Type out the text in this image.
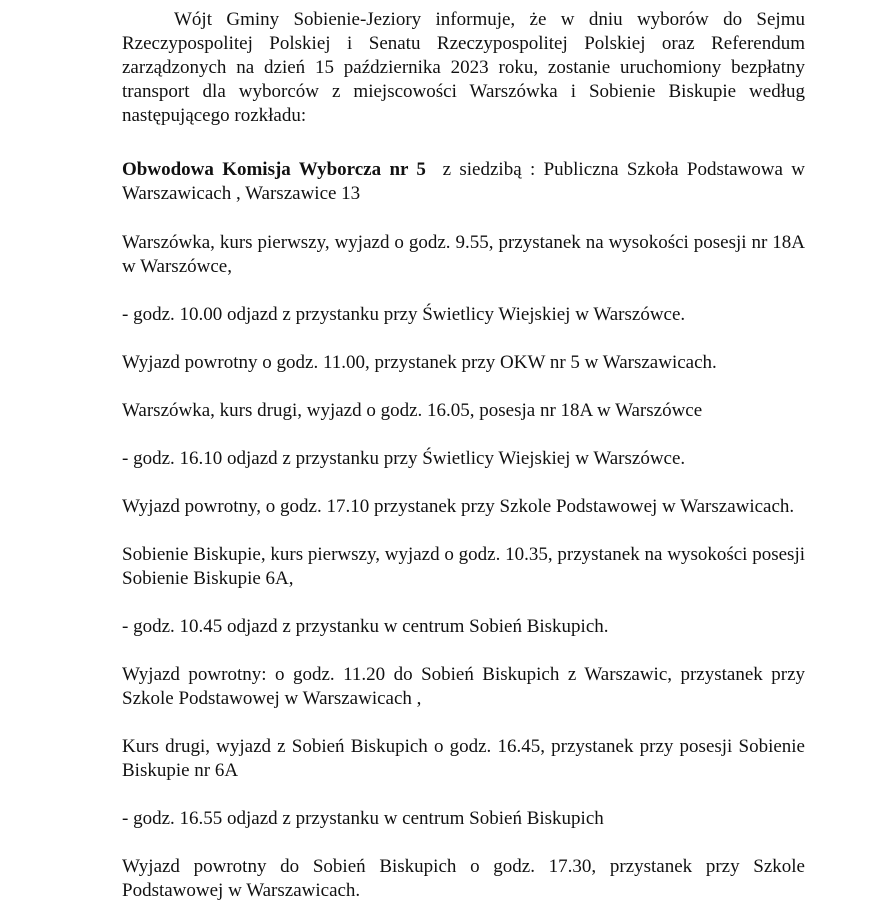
Wójt Gminy Sobienie-Jeziory informuje, że w dniu wyborów do Sejmu Rzeczypospolitej Polskiej i Senatu Rzeczypospolitej Polskiej oraz Referendum zarządzonych na dzień 15 października 2023 roku, zostanie uruchomiony bezpłatny transport dla wyborców z miejscowości Warszówka i Sobienie Biskupie według następującego rozkładu:

Obwodowa Komisja Wyborcza nr 5  z siedzibą : Publiczna Szkoła Podstawowa w Warszawicach , Warszawice 13

Warszówka, kurs pierwszy, wyjazd o godz. 9.55, przystanek na wysokości posesji nr 18A w Warszówce,

- godz. 10.00 odjazd z przystanku przy Świetlicy Wiejskiej w Warszówce.

Wyjazd powrotny o godz. 11.00, przystanek przy OKW nr 5 w Warszawicach.

Warszówka, kurs drugi, wyjazd o godz. 16.05, posesja nr 18A w Warszówce

- godz. 16.10 odjazd z przystanku przy Świetlicy Wiejskiej w Warszówce.

Wyjazd powrotny, o godz. 17.10 przystanek przy Szkole Podstawowej w Warszawicach.

Sobienie Biskupie, kurs pierwszy, wyjazd o godz. 10.35, przystanek na wysokości posesji Sobienie Biskupie 6A,

- godz. 10.45 odjazd z przystanku w centrum Sobień Biskupich.

Wyjazd powrotny: o godz. 11.20 do Sobień Biskupich z Warszawic, przystanek przy Szkole Podstawowej w Warszawicach ,

Kurs drugi, wyjazd z Sobień Biskupich o godz. 16.45, przystanek przy posesji Sobienie Biskupie nr 6A

- godz. 16.55 odjazd z przystanku w centrum Sobień Biskupich

Wyjazd powrotny do Sobień Biskupich o godz. 17.30, przystanek przy Szkole Podstawowej w Warszawicach.
